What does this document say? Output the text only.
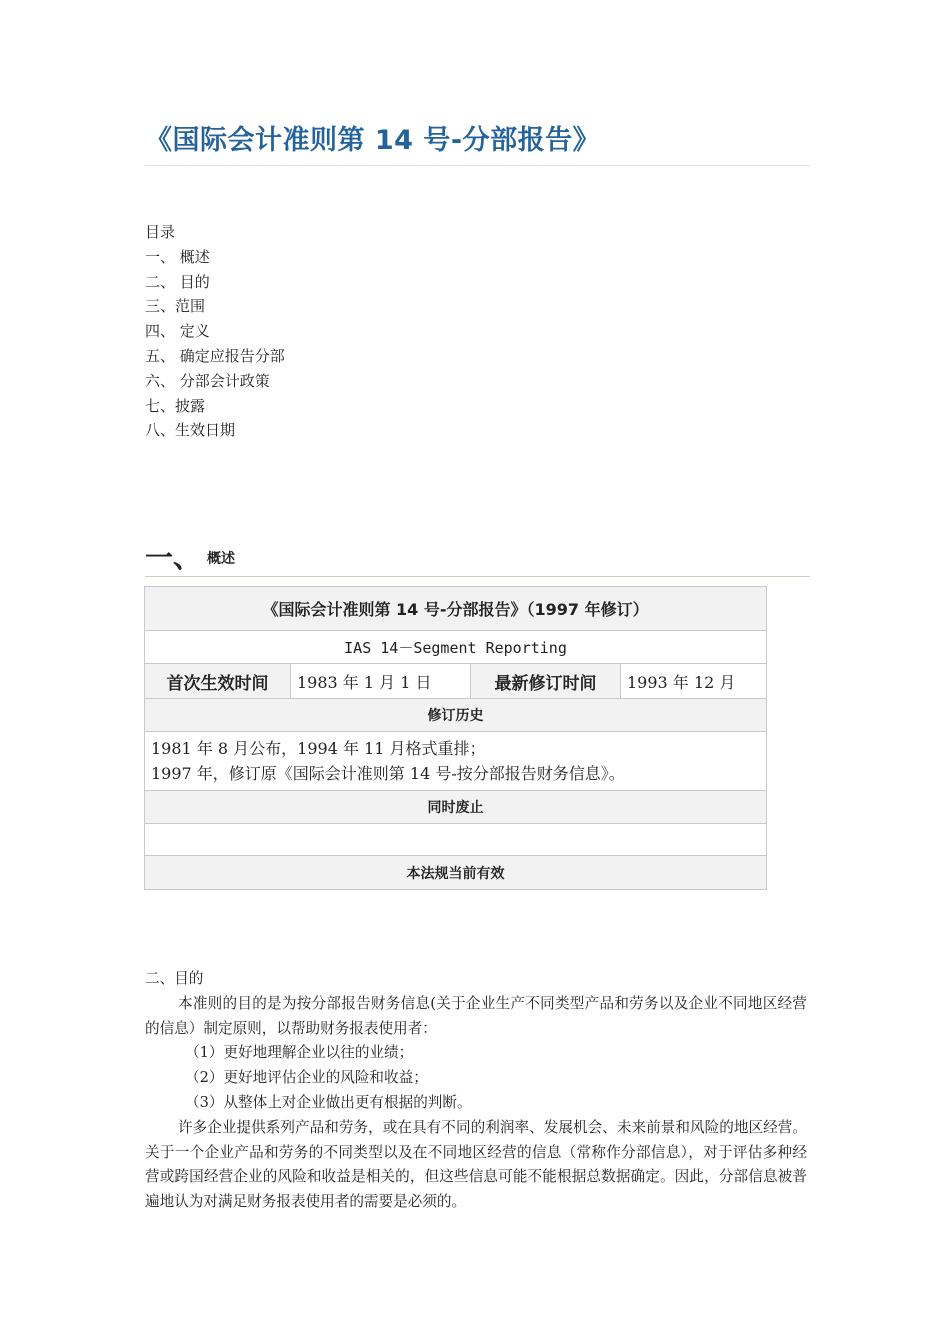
《国际会计准则第 14 号-分部报告》
目录
一、 概述
二、 目的
三、范围
四、 定义
五、 确定应报告分部
六、 分部会计政策
七、披露
八、生效日期
一、 概述
《国际会计准则第 14 号-分部报告》（1997 年修订）
IAS 14－Segment Reporting
首次生效时间	1983 年 1 月 1 日	最新修订时间	1993 年 12 月
修订历史

1981 年 8 月公布，1994 年 11 月格式重排；
1997 年，修订原《国际会计准则第 14 号-按分部报告财务信息》。

同时废止

本法规当前有效

二、目的

本准则的目的是为按分部报告财务信息(关于企业生产不同类型产品和劳务以及企业不同地区经营的信息）制定原则，以帮助财务报表使用者：

（1）更好地理解企业以往的业绩；

（2）更好地评估企业的风险和收益；

（3）从整体上对企业做出更有根据的判断。

许多企业提供系列产品和劳务，或在具有不同的利润率、发展机会、未来前景和风险的地区经营。关于一个企业产品和劳务的不同类型以及在不同地区经营的信息（常称作分部信息），对于评估多种经营或跨国经营企业的风险和收益是相关的，但这些信息可能不能根据总数据确定。因此，分部信息被普遍地认为对满足财务报表使用者的需要是必须的。
